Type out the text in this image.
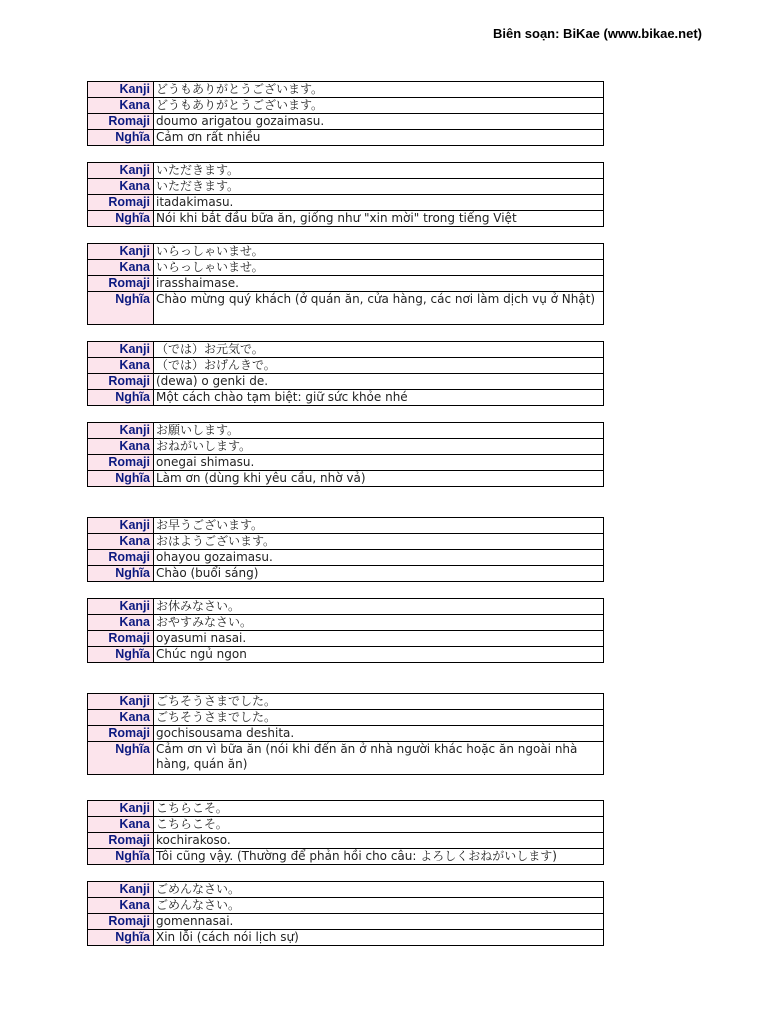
Biên soạn: BiKae (www.bikae.net)
Kanji	どうもありがとうございます。
Kana	どうもありがとうございます。
Romaji	doumo arigatou gozaimasu.
Nghĩa	Cảm ơn rất nhiều
Kanji	いただきます。
Kana	いただきます。
Romaji	itadakimasu.
Nghĩa	Nói khi bắt đầu bữa ăn, giống như "xin mời" trong tiếng Việt
Kanji	いらっしゃいませ。
Kana	いらっしゃいませ。
Romaji	irasshaimase.
Nghĩa	Chào mừng quý khách (ở quán ăn, cửa hàng, các nơi làm dịch vụ ở Nhật)
Kanji	（では）お元気で。
Kana	（では）おげんきで。
Romaji	(dewa) o genki de.
Nghĩa	Một cách chào tạm biệt: giữ sức khỏe nhé
Kanji	お願いします。
Kana	おねがいします。
Romaji	onegai shimasu.
Nghĩa	Làm ơn (dùng khi yêu cầu, nhờ vả)
Kanji	お早うございます。
Kana	おはようございます。
Romaji	ohayou gozaimasu.
Nghĩa	Chào (buổi sáng)
Kanji	お休みなさい。
Kana	おやすみなさい。
Romaji	oyasumi nasai.
Nghĩa	Chúc ngủ ngon
Kanji	ごちそうさまでした。
Kana	ごちそうさまでした。
Romaji	gochisousama deshita.
Nghĩa	Cảm ơn vì bữa ăn (nói khi đến ăn ở nhà người khác hoặc ăn ngoài nhà hàng, quán ăn)
Kanji	こちらこそ。
Kana	こちらこそ。
Romaji	kochirakoso.
Nghĩa	Tôi cũng vậy. (Thường để phản hồi cho câu: よろしくおねがいします)
Kanji	ごめんなさい。
Kana	ごめんなさい。
Romaji	gomennasai.
Nghĩa	Xin lỗi (cách nói lịch sự)
